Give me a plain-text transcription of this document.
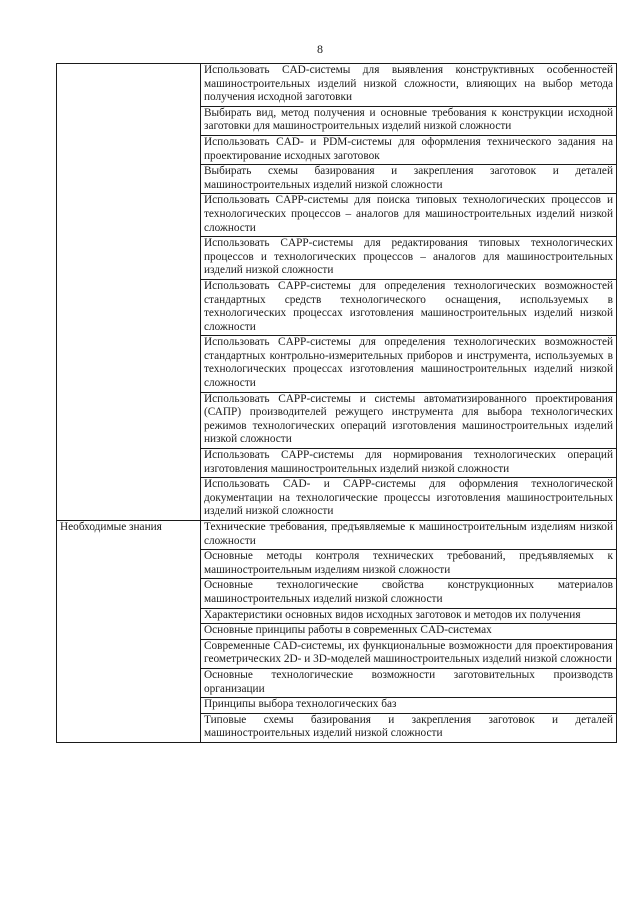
8
	Использовать CAD-системы для выявления конструктивных особенностей машиностроительных изделий низкой сложности, влияющих на выбор метода получения исходной заготовки
	Выбирать вид, метод получения и основные требования к конструкции исходной заготовки для машиностроительных изделий низкой сложности
	Использовать CAD- и PDM-системы для оформления технического задания на проектирование исходных заготовок
	Выбирать схемы базирования и закрепления заготовок и деталей машиностроительных изделий низкой сложности
	Использовать CAPP-системы для поиска типовых технологических процессов и технологических процессов – аналогов для машиностроительных изделий низкой сложности
	Использовать CAPP-системы для редактирования типовых технологических процессов и технологических процессов – аналогов для машиностроительных изделий низкой сложности
	Использовать CAPP-системы для определения технологических возможностей стандартных средств технологического оснащения, используемых в технологических процессах изготовления машиностроительных изделий низкой сложности
	Использовать CAPP-системы для определения технологических возможностей стандартных контрольно-измерительных приборов и инструмента, используемых в технологических процессах изготовления машиностроительных изделий низкой сложности
	Использовать CAPP-системы и системы автоматизированного проектирования (САПР) производителей режущего инструмента для выбора технологических режимов технологических операций изготовления машиностроительных изделий низкой сложности
	Использовать CAPP-системы для нормирования технологических операций изготовления машиностроительных изделий низкой сложности
	Использовать CAD- и CAPP-системы для оформления технологической документации на технологические процессы изготовления машиностроительных изделий низкой сложности
Необходимые знания	Технические требования, предъявляемые к машиностроительным изделиям низкой сложности
	Основные методы контроля технических требований, предъявляемых к машиностроительным изделиям низкой сложности
	Основные технологические свойства конструкционных материалов машиностроительных изделий низкой сложности
	Характеристики основных видов исходных заготовок и методов их получения
	Основные принципы работы в современных CAD-системах
	Современные CAD-системы, их функциональные возможности для проектирования геометрических 2D- и 3D-моделей машиностроительных изделий низкой сложности
	Основные технологические возможности заготовительных производств организации
	Принципы выбора технологических баз
	Типовые схемы базирования и закрепления заготовок и деталей машиностроительных изделий низкой сложности
